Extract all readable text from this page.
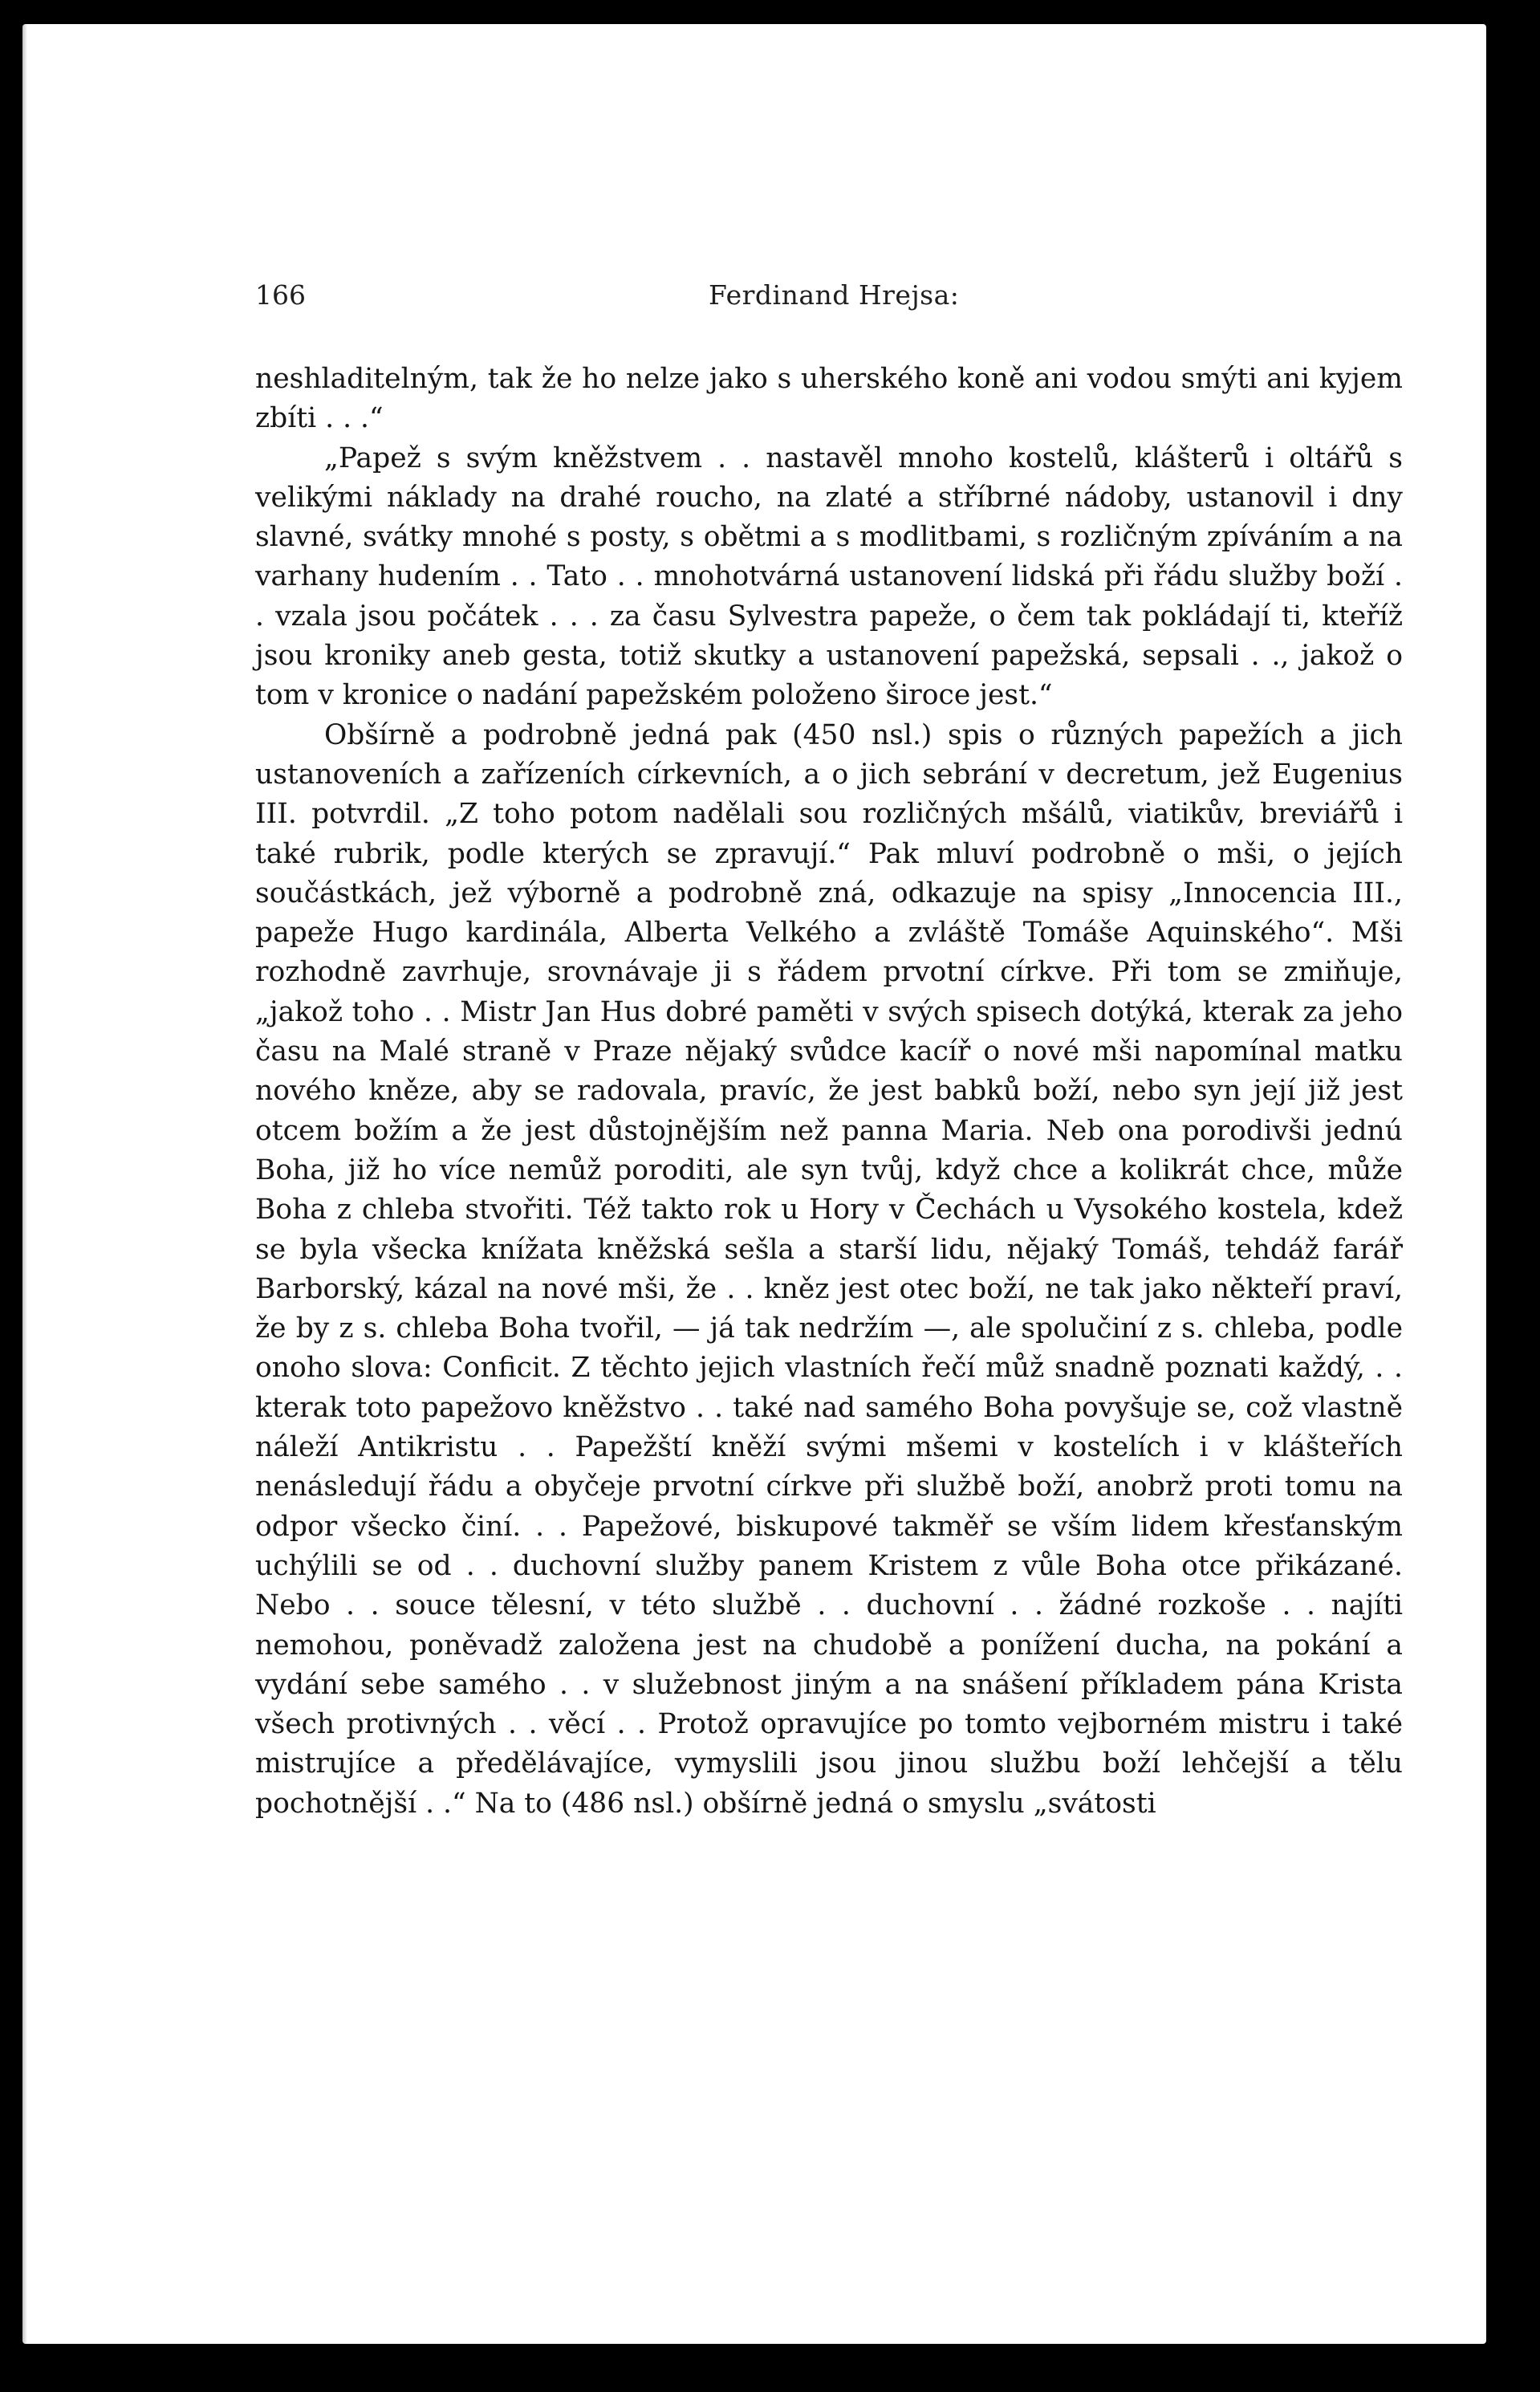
166	Ferdinand Hrejsa:

neshladitelným, tak že ho nelze jako s uherského koně ani vodou smýti ani kyjem zbíti . . .“

„Papež s svým kněžstvem . . nastavěl mnoho kostelů, klášterů i oltářů s velikými náklady na drahé roucho, na zlaté a stříbrné nádoby, ustanovil i dny slavné, svátky mnohé s posty, s obětmi a s modlitbami, s rozličným zpíváním a na varhany hudením . . Tato . . mnohotvárná ustanovení lidská při řádu služby boží . . vzala jsou počátek . . . za času Sylvestra papeže, o čem tak pokládají ti, kteříž jsou kroniky aneb gesta, totiž skutky a ustanovení papežská, sepsali . ., jakož o tom v kronice o nadání papežském položeno široce jest.“

Obšírně a podrobně jedná pak (450 nsl.) spis o různých papežích a jich ustanoveních a zařízeních církevních, a o jich sebrání v decretum, jež Eugenius III. potvrdil. „Z toho potom nadělali sou rozličných mšálů, viatikův, breviářů i také rubrik, podle kterých se zpravují.“ Pak mluví podrobně o mši, o jejích součástkách, jež výborně a podrobně zná, odkazuje na spisy „Innocencia III., papeže Hugo kardinála, Alberta Velkého a zvláště Tomáše Aquinského“. Mši rozhodně zavrhuje, srovnávaje ji s řádem prvotní církve. Při tom se zmiňuje, „jakož toho . . Mistr Jan Hus dobré paměti v svých spisech dotýká, kterak za jeho času na Malé straně v Praze nějaký svůdce kacíř o nové mši napomínal matku nového kněze, aby se radovala, pravíc, že jest babků boží, nebo syn její již jest otcem božím a že jest důstojnějším než panna Maria. Neb ona porodivši jednú Boha, již ho více nemůž poroditi, ale syn tvůj, když chce a kolikrát chce, může Boha z chleba stvořiti. Též takto rok u Hory v Čechách u Vysokého kostela, kdež se byla všecka knížata kněžská sešla a starší lidu, nějaký Tomáš, tehdáž farář Barborský, kázal na nové mši, že . . kněz jest otec boží, ne tak jako někteří praví, že by z s. chleba Boha tvořil, — já tak nedržím —, ale spolučiní z s. chleba, podle onoho slova: Conficit. Z těchto jejich vlastních řečí můž snadně poznati každý, . . kterak toto papežovo kněžstvo . . také nad samého Boha povyšuje se, což vlastně náleží Antikristu . . Papežští kněží svými mšemi v kostelích i v klášteřích nenásledují řádu a obyčeje prvotní církve při službě boží, anobrž proti tomu na odpor všecko činí. . . Papežové, biskupové takměř se vším lidem křesťanským uchýlili se od . . duchovní služby panem Kristem z vůle Boha otce přikázané. Nebo . . souce tělesní, v této službě . . duchovní . . žádné rozkoše . . najíti nemohou, poněvadž založena jest na chudobě a ponížení ducha, na pokání a vydání sebe samého . . v služebnost jiným a na snášení příkladem pána Krista všech protivných . . věcí . . Protož opravujíce po tomto vejborném mistru i také mistrujíce a předělávajíce, vymyslili jsou jinou službu boží lehčejší a tělu pochotnější . .“ Na to (486 nsl.) obšírně jedná o smyslu „svátosti
